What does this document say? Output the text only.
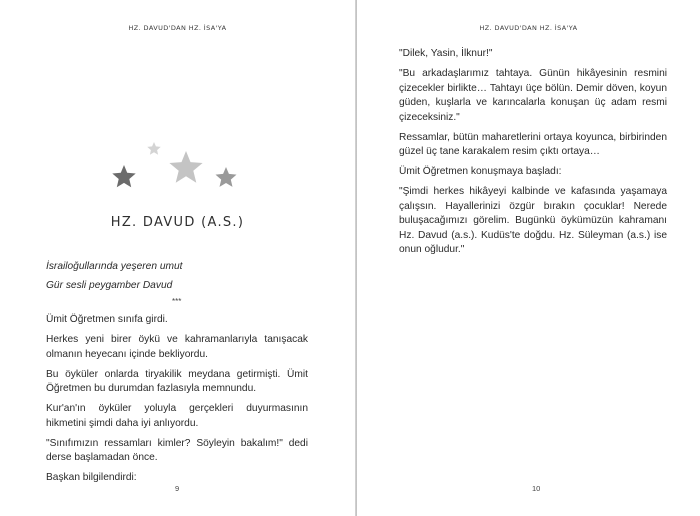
HZ. DAVUD'DAN HZ. İSA'YA
HZ. DAVUD (A.S.)
İsrailoğullarında yeşeren umut
Gür sesli peygamber Davud
***

Ümit Öğretmen sınıfa girdi.

Herkes yeni birer öykü ve kahramanlarıyla tanışacak olmanın heyecanı içinde bekliyordu.

Bu öyküler onlarda tiryakilik meydana getirmişti. Ümit Öğretmen bu durumdan fazlasıyla memnundu.

Kur'an'ın öyküler yoluyla gerçekleri duyurmasının hikmetini şimdi daha iyi anlıyordu.

"Sınıfımızın ressamları kimler? Söyleyin bakalım!" dedi derse başlamadan önce.

Başkan bilgilendirdi:

9
HZ. DAVUD'DAN HZ. İSA'YA

"Dilek, Yasin, İlknur!"

"Bu arkadaşlarımız tahtaya. Günün hikâyesinin resmini çizecekler birlikte… Tahtayı üçe bölün. Demir döven, koyun güden, kuşlarla ve karıncalarla konuşan üç adam resmi çizeceksiniz."

Ressamlar, bütün maharetlerini ortaya koyunca, birbirinden güzel üç tane karakalem resim çıktı ortaya…

Ümit Öğretmen konuşmaya başladı:

"Şimdi herkes hikâyeyi kalbinde ve kafasında yaşamaya çalışsın. Hayallerinizi özgür bırakın çocuklar! Nerede buluşacağımızı görelim. Bugünkü öykümüzün kahramanı Hz. Davud (a.s.). Kudüs'te doğdu. Hz. Süleyman (a.s.) ise onun oğludur."

10
